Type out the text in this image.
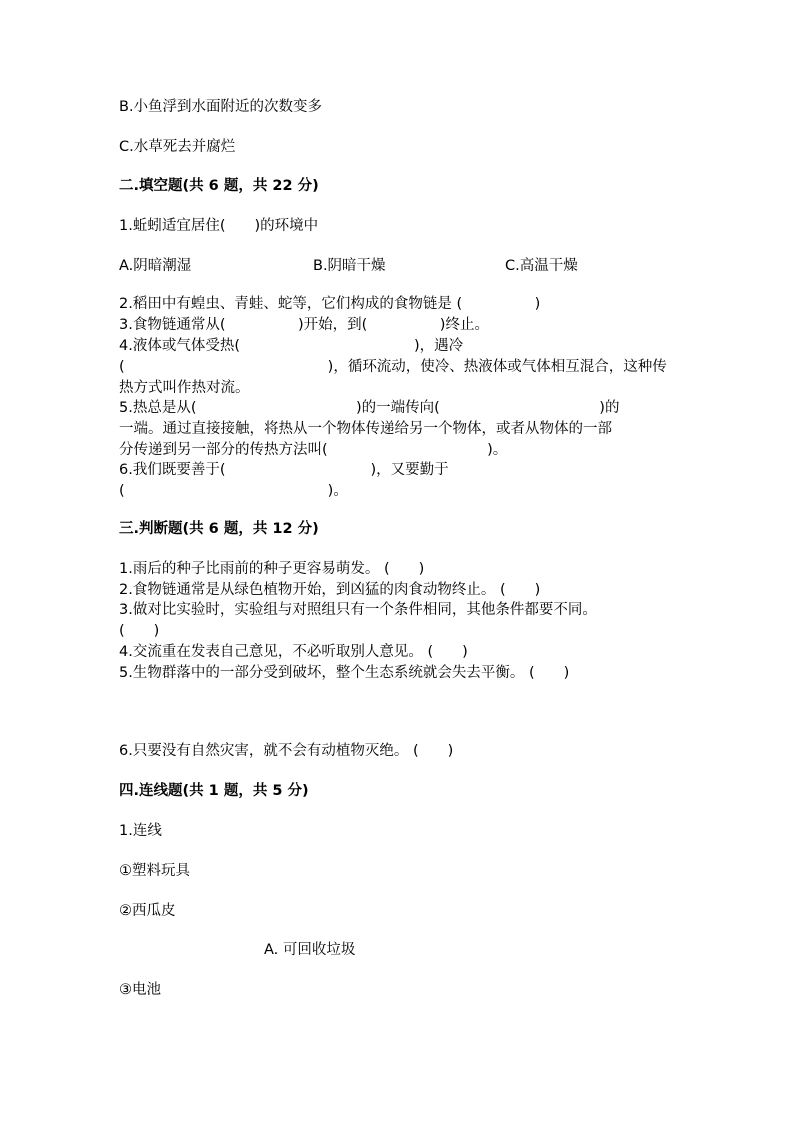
B.小鱼浮到水面附近的次数变多
C.水草死去并腐烂
二.填空题(共 6 题，共 22 分)
1.蚯蚓适宜居住(　　)的环境中
A.阴暗潮湿	B.阴暗干燥	C.高温干燥
2.稻田中有蝗虫、青蛙、蛇等，它们构成的食物链是 (　　　　　)
3.食物链通常从(　　　　　)开始，到(　　　　　)终止。
4.液体或气体受热(　　　　　　　　　　　　)，遇冷
(　　　　　　　　　　　　　　)，循环流动，使冷、热液体或气体相互混合，这种传
热方式叫作热对流。
5.热总是从(　　　　　　　　　　　)的一端传向(　　　　　　　　　　　)的
一端。通过直接接触，将热从一个物体传递给另一个物体，或者从物体的一部
分传递到另一部分的传热方法叫(　　　　　　　　　　　)。
6.我们既要善于(　　　　　　　　　　)，又要勤于
(　　　　　　　　　　　　　　)。
三.判断题(共 6 题，共 12 分)
1.雨后的种子比雨前的种子更容易萌发。 (　　)
2.食物链通常是从绿色植物开始，到凶猛的肉食动物终止。 (　　)
3.做对比实验时，实验组与对照组只有一个条件相同，其他条件都要不同。
(　　)
4.交流重在发表自己意见，不必听取别人意见。 (　　)
5.生物群落中的一部分受到破坏，整个生态系统就会失去平衡。 (　　)
6.只要没有自然灾害，就不会有动植物灭绝。 (　　)
四.连线题(共 1 题，共 5 分)
1.连线
①塑料玩具
②西瓜皮
A. 可回收垃圾
③电池
